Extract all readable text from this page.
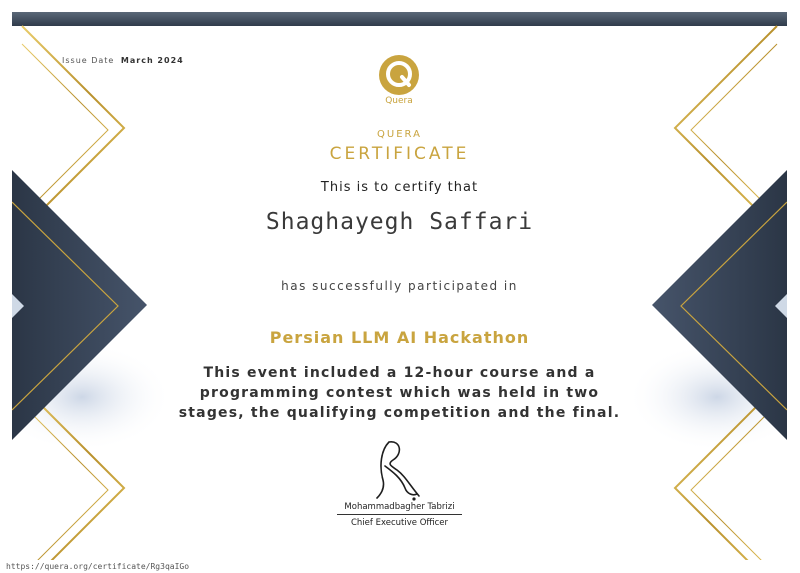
Issue Date March 2024
Quera
QUERA
CERTIFICATE
This is to certify that
Shaghayegh Saffari
has successfully participated in
Persian LLM AI Hackathon
This event included a 12-hour course and a programming contest which was held in two stages, the qualifying competition and the final.
Mohammadbagher Tabrizi
Chief Executive Officer
https://quera.org/certificate/Rg3qaIGo
